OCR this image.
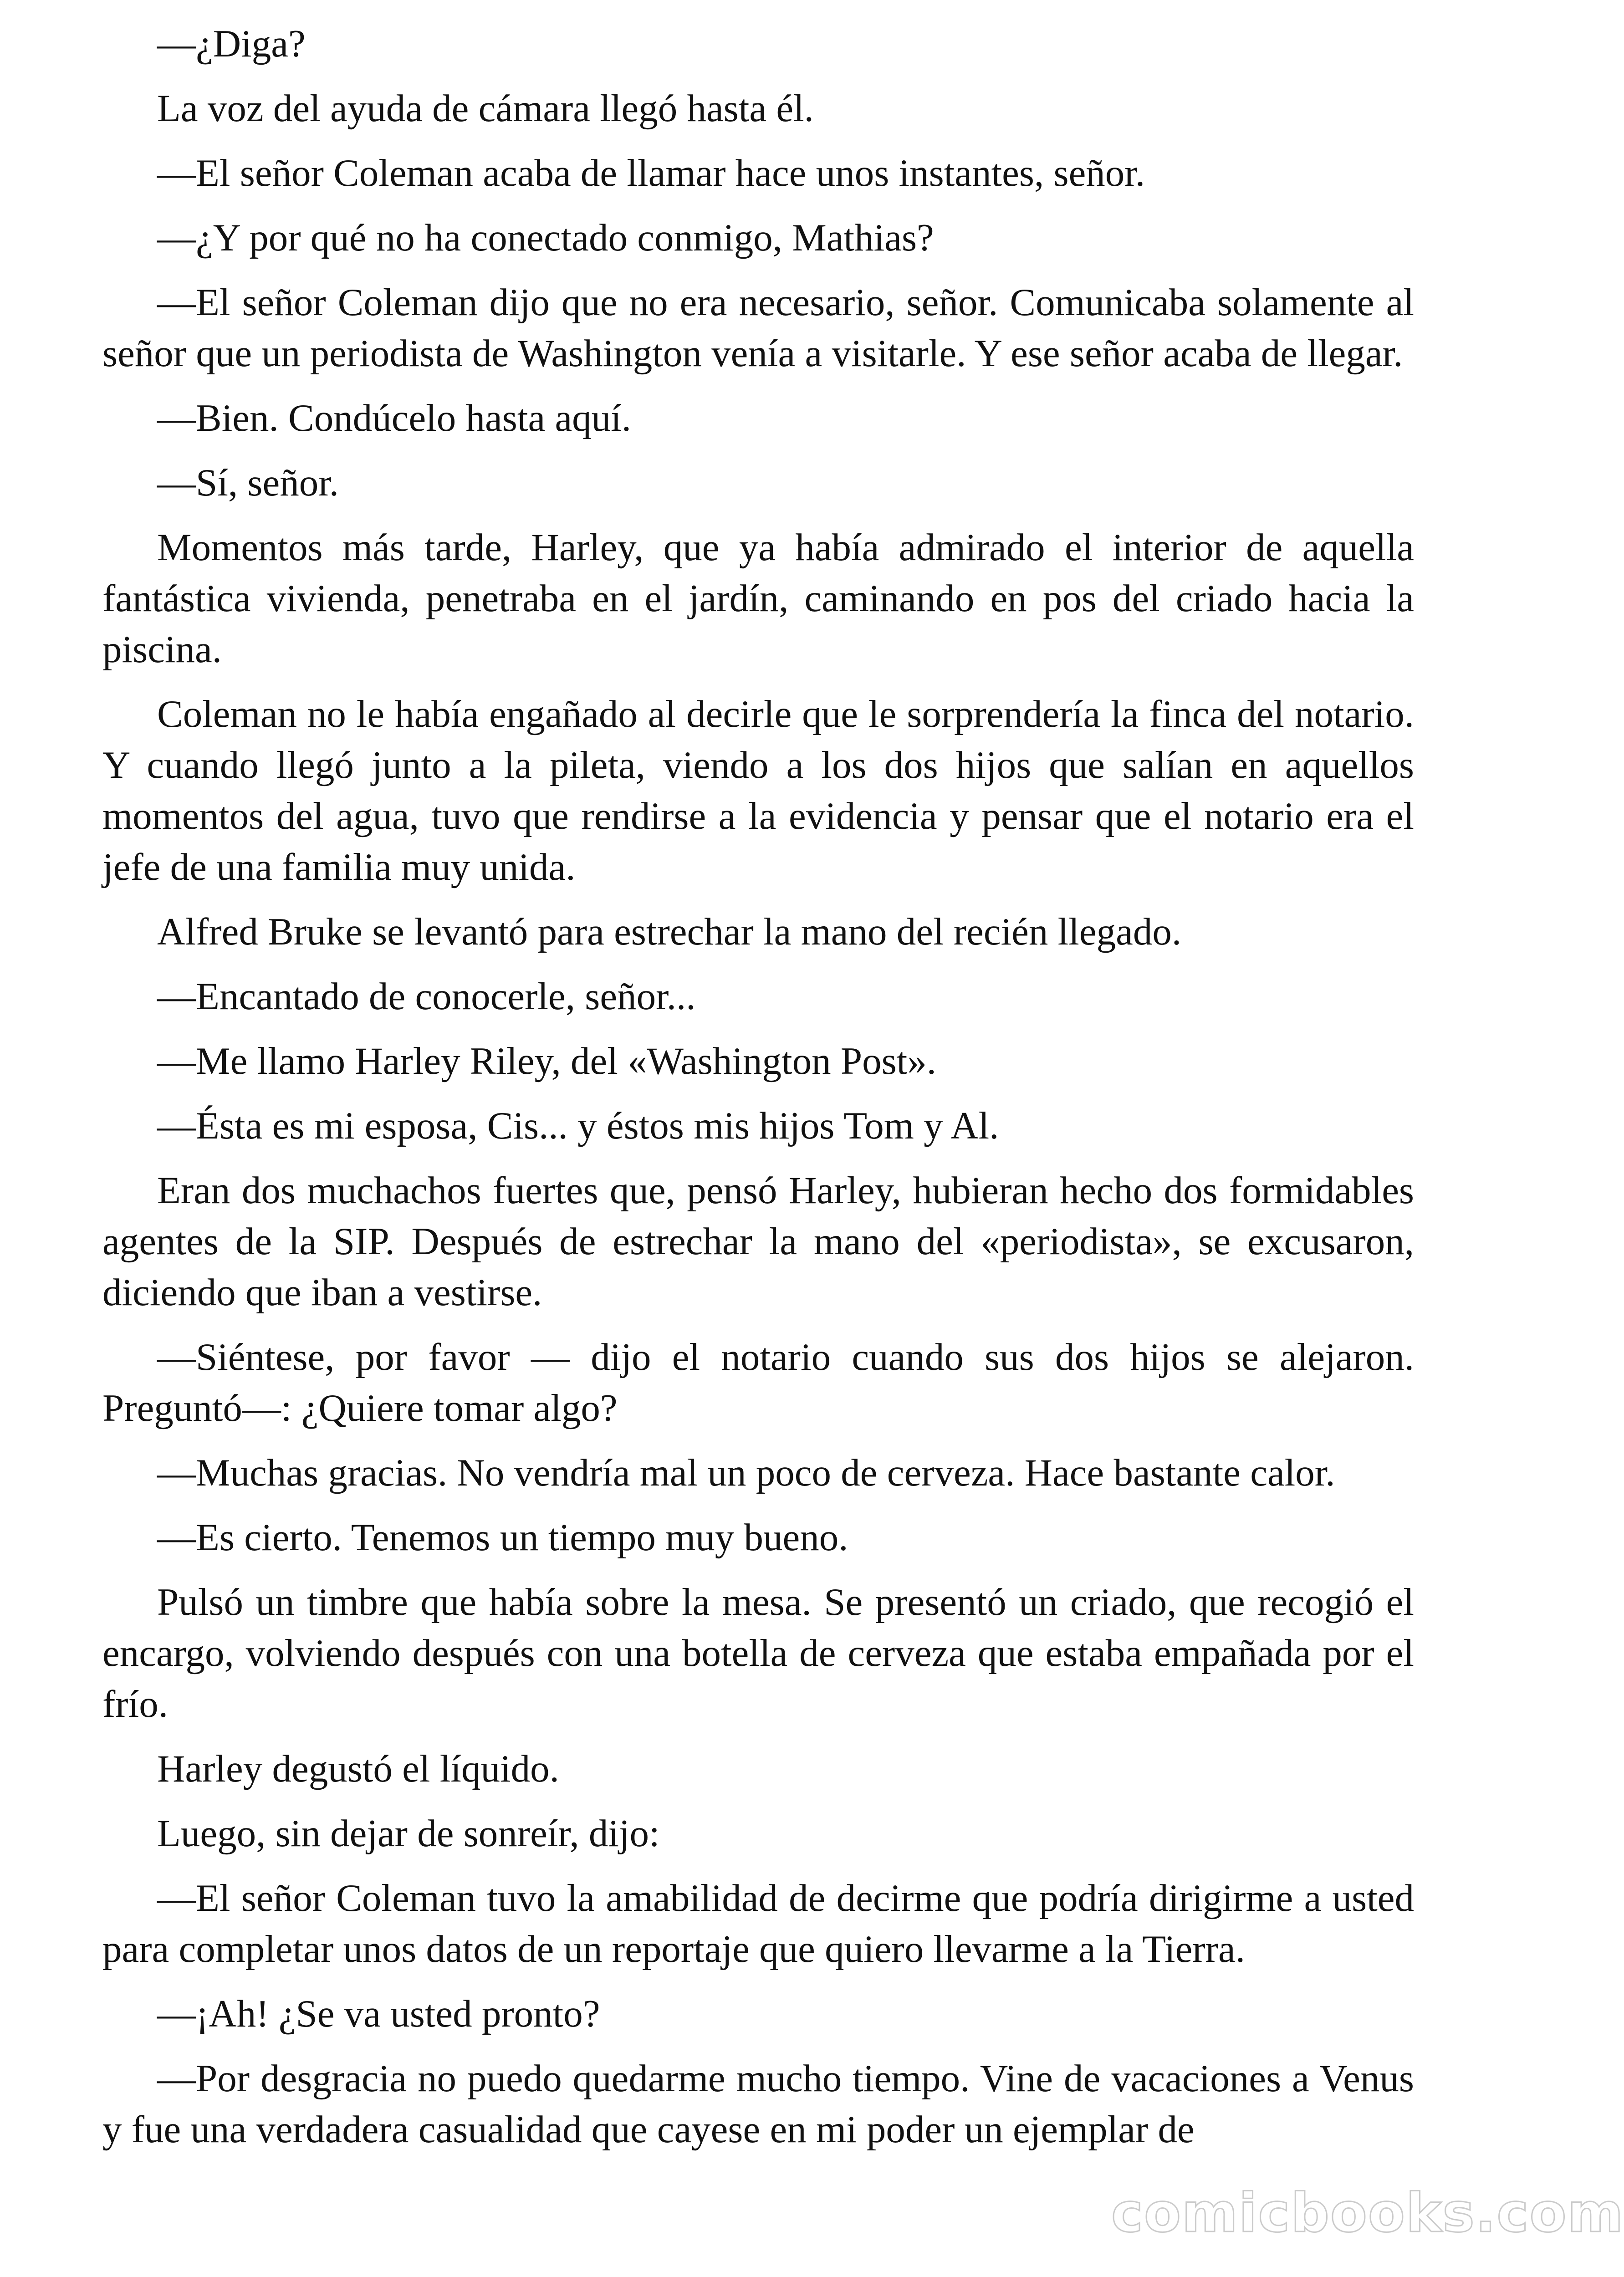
—¿Diga?

La voz del ayuda de cámara llegó hasta él.

—El señor Coleman acaba de llamar hace unos instantes, señor.

—¿Y por qué no ha conectado conmigo, Mathias?

—El señor Coleman dijo que no era necesario, señor. Comunicaba solamente al señor que un periodista de Washington venía a visitarle. Y ese señor acaba de llegar.

—Bien. Condúcelo hasta aquí.

—Sí, señor.

Momentos más tarde, Harley, que ya había admirado el interior de aquella fantástica vivienda, penetraba en el jardín, caminando en pos del criado hacia la piscina.

Coleman no le había engañado al decirle que le sorprendería la finca del notario. Y cuando llegó junto a la pileta, viendo a los dos hijos que salían en aquellos momentos del agua, tuvo que rendirse a la evidencia y pensar que el notario era el jefe de una familia muy unida.

Alfred Bruke se levantó para estrechar la mano del recién llegado.

—Encantado de conocerle, señor...

—Me llamo Harley Riley, del «Washington Post».

—Ésta es mi esposa, Cis... y éstos mis hijos Tom y Al.

Eran dos muchachos fuertes que, pensó Harley, hubieran hecho dos formidables agentes de la SIP. Después de estrechar la mano del «periodista», se excusaron, diciendo que iban a vestirse.

—Siéntese, por favor — dijo el notario cuando sus dos hijos se alejaron. Preguntó—: ¿Quiere tomar algo?

—Muchas gracias. No vendría mal un poco de cerveza. Hace bastante calor.

—Es cierto. Tenemos un tiempo muy bueno.

Pulsó un timbre que había sobre la mesa. Se presentó un criado, que recogió el encargo, volviendo después con una botella de cerveza que estaba empañada por el frío.

Harley degustó el líquido.

Luego, sin dejar de sonreír, dijo:

—El señor Coleman tuvo la amabilidad de decirme que podría dirigirme a usted para completar unos datos de un reportaje que quiero llevarme a la Tierra.

—¡Ah! ¿Se va usted pronto?

—Por desgracia no puedo quedarme mucho tiempo. Vine de vacaciones a Venus y fue una verdadera casualidad que cayese en mi poder un ejemplar de

comicbooks.com
